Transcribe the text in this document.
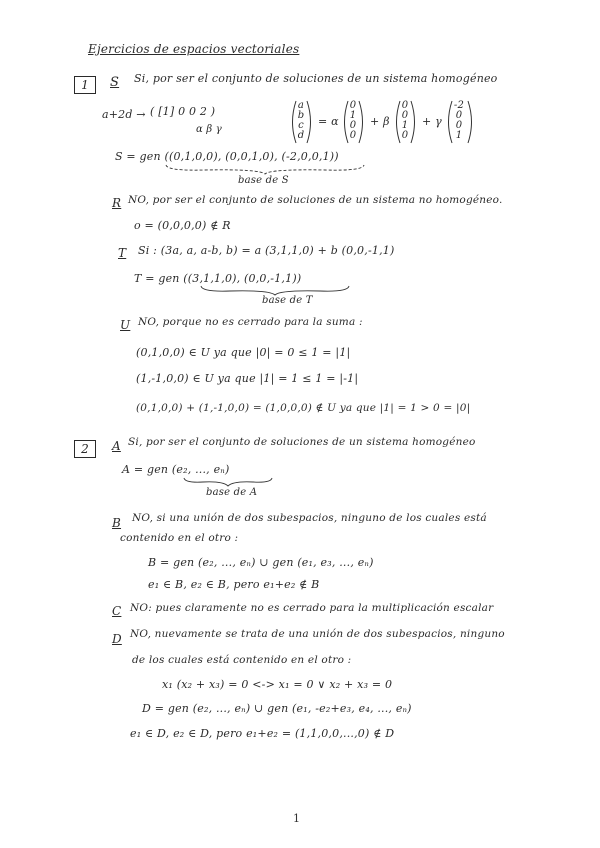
Ejercicios de espacios vectoriales
1	S Si, por ser el conjunto de soluciones de un sistema homogéneo
a+2d → ( [1] 0 0 2 )
α β γ
a
b
c
d
= α
0
1
0
0
+ β
0
0
1
0
+ γ
-2
0
0
1
S = gen ((0,1,0,0), (0,0,1,0), (-2,0,0,1))
base de S
R NO, por ser el conjunto de soluciones de un sistema no homogéneo.
o = (0,0,0,0) ∉ R
T Si : (3a, a, a-b, b) = a (3,1,1,0) + b (0,0,-1,1)
T = gen ((3,1,1,0), (0,0,-1,1))
base de T
U NO, porque no es cerrado para la suma :
(0,1,0,0) ∈ U ya que |0| = 0 ≤ 1 = |1|
(1,-1,0,0) ∈ U ya que |1| = 1 ≤ 1 = |-1|
(0,1,0,0) + (1,-1,0,0) = (1,0,0,0) ∉ U ya que |1| = 1 > 0 = |0|
2	A Si, por ser el conjunto de soluciones de un sistema homogéneo
A = gen (e₂, ..., eₙ)
base de A
B NO, si una unión de dos subespacios, ninguno de los cuales está
contenido en el otro :
B = gen (e₂, ..., eₙ) ∪ gen (e₁, e₃, ..., eₙ)
e₁ ∈ B, e₂ ∈ B, pero e₁+e₂ ∉ B
C NO: pues claramente no es cerrado para la multiplicación escalar
D NO, nuevamente se trata de una unión de dos subespacios, ninguno
de los cuales está contenido en el otro :
x₁ (x₂ + x₃) = 0 <-> x₁ = 0 ∨ x₂ + x₃ = 0
D = gen (e₂, ..., eₙ) ∪ gen (e₁, -e₂+e₃, e₄, ..., eₙ)
e₁ ∈ D, e₂ ∈ D, pero e₁+e₂ = (1,1,0,0,...,0) ∉ D
1
